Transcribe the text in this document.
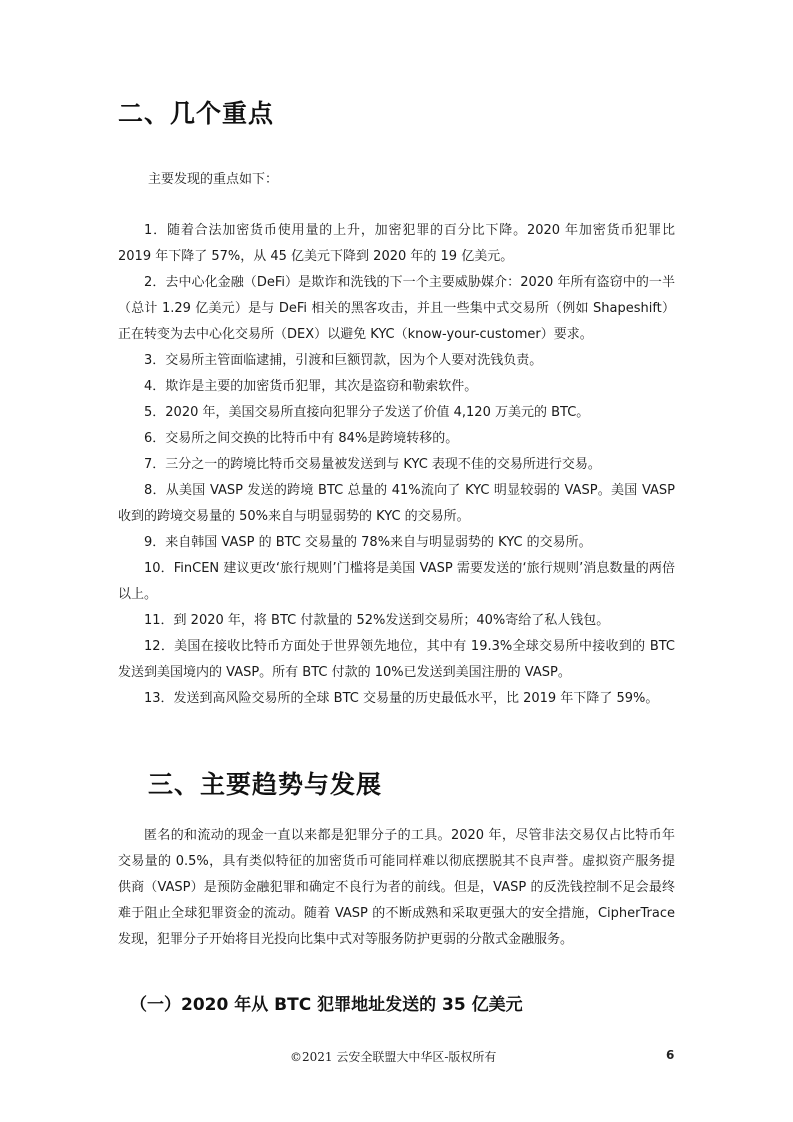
二、几个重点

主要发现的重点如下：

1．随着合法加密货币使用量的上升，加密犯罪的百分比下降。2020 年加密货币犯罪比 2019 年下降了 57%，从 45 亿美元下降到 2020 年的 19 亿美元。
2．去中心化金融（DeFi）是欺诈和洗钱的下一个主要威胁媒介：2020 年所有盗窃中的一半（总计 1.29 亿美元）是与 DeFi 相关的黑客攻击，并且一些集中式交易所（例如 Shapeshift）正在转变为去中心化交易所（DEX）以避免 KYC（know-your-customer）要求。
3．交易所主管面临逮捕，引渡和巨额罚款，因为个人要对洗钱负责。
4．欺诈是主要的加密货币犯罪，其次是盗窃和勒索软件。
5．2020 年，美国交易所直接向犯罪分子发送了价值 4,120 万美元的 BTC。
6．交易所之间交换的比特币中有 84%是跨境转移的。
7．三分之一的跨境比特币交易量被发送到与 KYC 表现不佳的交易所进行交易。
8．从美国 VASP 发送的跨境 BTC 总量的 41%流向了 KYC 明显较弱的 VASP。美国 VASP 收到的跨境交易量的 50%来自与明显弱势的 KYC 的交易所。
9．来自韩国 VASP 的 BTC 交易量的 78%来自与明显弱势的 KYC 的交易所。
10．FinCEN 建议更改‘旅行规则’门槛将是美国 VASP 需要发送的‘旅行规则’消息数量的两倍以上。
11．到 2020 年，将 BTC 付款量的 52%发送到交易所；40%寄给了私人钱包。
12．美国在接收比特币方面处于世界领先地位，其中有 19.3%全球交易所中接收到的 BTC 发送到美国境内的 VASP。所有 BTC 付款的 10%已发送到美国注册的 VASP。
13．发送到高风险交易所的全球 BTC 交易量的历史最低水平，比 2019 年下降了 59%。
三、主要趋势与发展

匿名的和流动的现金一直以来都是犯罪分子的工具。2020 年，尽管非法交易仅占比特币年交易量的 0.5%，具有类似特征的加密货币可能同样难以彻底摆脱其不良声誉。虚拟资产服务提供商（VASP）是预防金融犯罪和确定不良行为者的前线。但是，VASP 的反洗钱控制不足会最终难于阻止全球犯罪资金的流动。随着 VASP 的不断成熟和采取更强大的安全措施，CipherTrace 发现，犯罪分子开始将目光投向比集中式对等服务防护更弱的分散式金融服务。

（一）2020 年从 BTC 犯罪地址发送的 35 亿美元
©2021 云安全联盟大中华区-版权所有	6
